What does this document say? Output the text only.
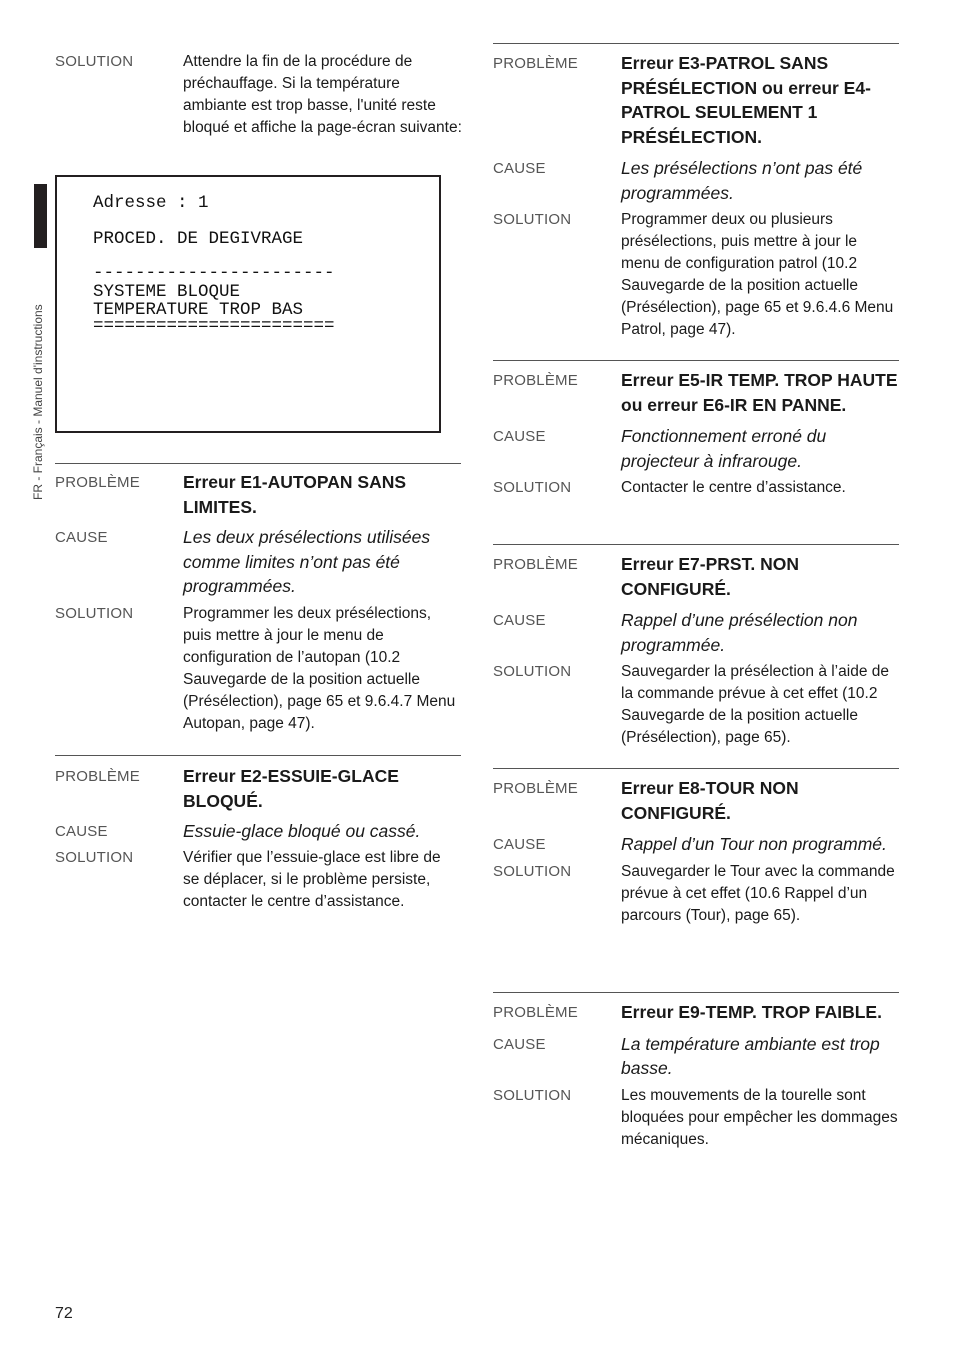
FR - Français - Manuel d'instructions
SOLUTION	Attendre la fin de la procédure de préchauffage. Si la température ambiante est trop basse, l'unité reste bloqué et affiche la page-écran suivante:
PROBLÈME	Erreur E1-AUTOPAN SANS LIMITES.
CAUSE	Les deux présélections utilisées comme limites n’ont pas été programmées.
SOLUTION	Programmer les deux présélections, puis mettre à jour le menu de configuration de l’autopan (10.2 Sauvegarde de la position actuelle (Présélection), page 65 et 9.6.4.7 Menu Autopan, page 47).
PROBLÈME	Erreur E2-ESSUIE-GLACE BLOQUÉ.
CAUSE	Essuie-glace bloqué ou cassé.
SOLUTION	Vérifier que l’essuie-glace est libre de se déplacer, si le problème persiste, contacter le centre d’assistance.
Adresse : 1
PROCED. DE DEGIVRAGE
-----------------------
SYSTEME BLOQUE
TEMPERATURE TROP BAS
=======================
PROBLÈME	Erreur E3-PATROL SANS PRÉSÉLECTION ou erreur E4-PATROL SEULEMENT 1 PRÉSÉLECTION.
CAUSE	Les présélections n’ont pas été programmées.
SOLUTION	Programmer deux ou plusieurs présélections, puis mettre à jour le menu de configuration patrol (10.2 Sauvegarde de la position actuelle (Présélection), page 65 et 9.6.4.6 Menu Patrol, page 47).
PROBLÈME	Erreur E5-IR TEMP. TROP HAUTE ou erreur E6-IR EN PANNE.
CAUSE	Fonctionnement erroné du projecteur à infrarouge.
SOLUTION	Contacter le centre d’assistance.
PROBLÈME	Erreur E7-PRST. NON CONFIGURÉ.
CAUSE	Rappel d’une présélection non programmée.
SOLUTION	Sauvegarder la présélection à l’aide de la commande prévue à cet effet (10.2 Sauvegarde de la position actuelle (Présélection), page 65).
PROBLÈME	Erreur E8-TOUR NON CONFIGURÉ.
CAUSE	Rappel d’un Tour non programmé.
SOLUTION	Sauvegarder le Tour avec la commande prévue à cet effet (10.6 Rappel d’un parcours (Tour), page 65).
PROBLÈME	Erreur E9-TEMP. TROP FAIBLE.
CAUSE	La température ambiante est trop basse.
SOLUTION	Les mouvements de la tourelle sont bloquées pour empêcher les dommages mécaniques.
72
